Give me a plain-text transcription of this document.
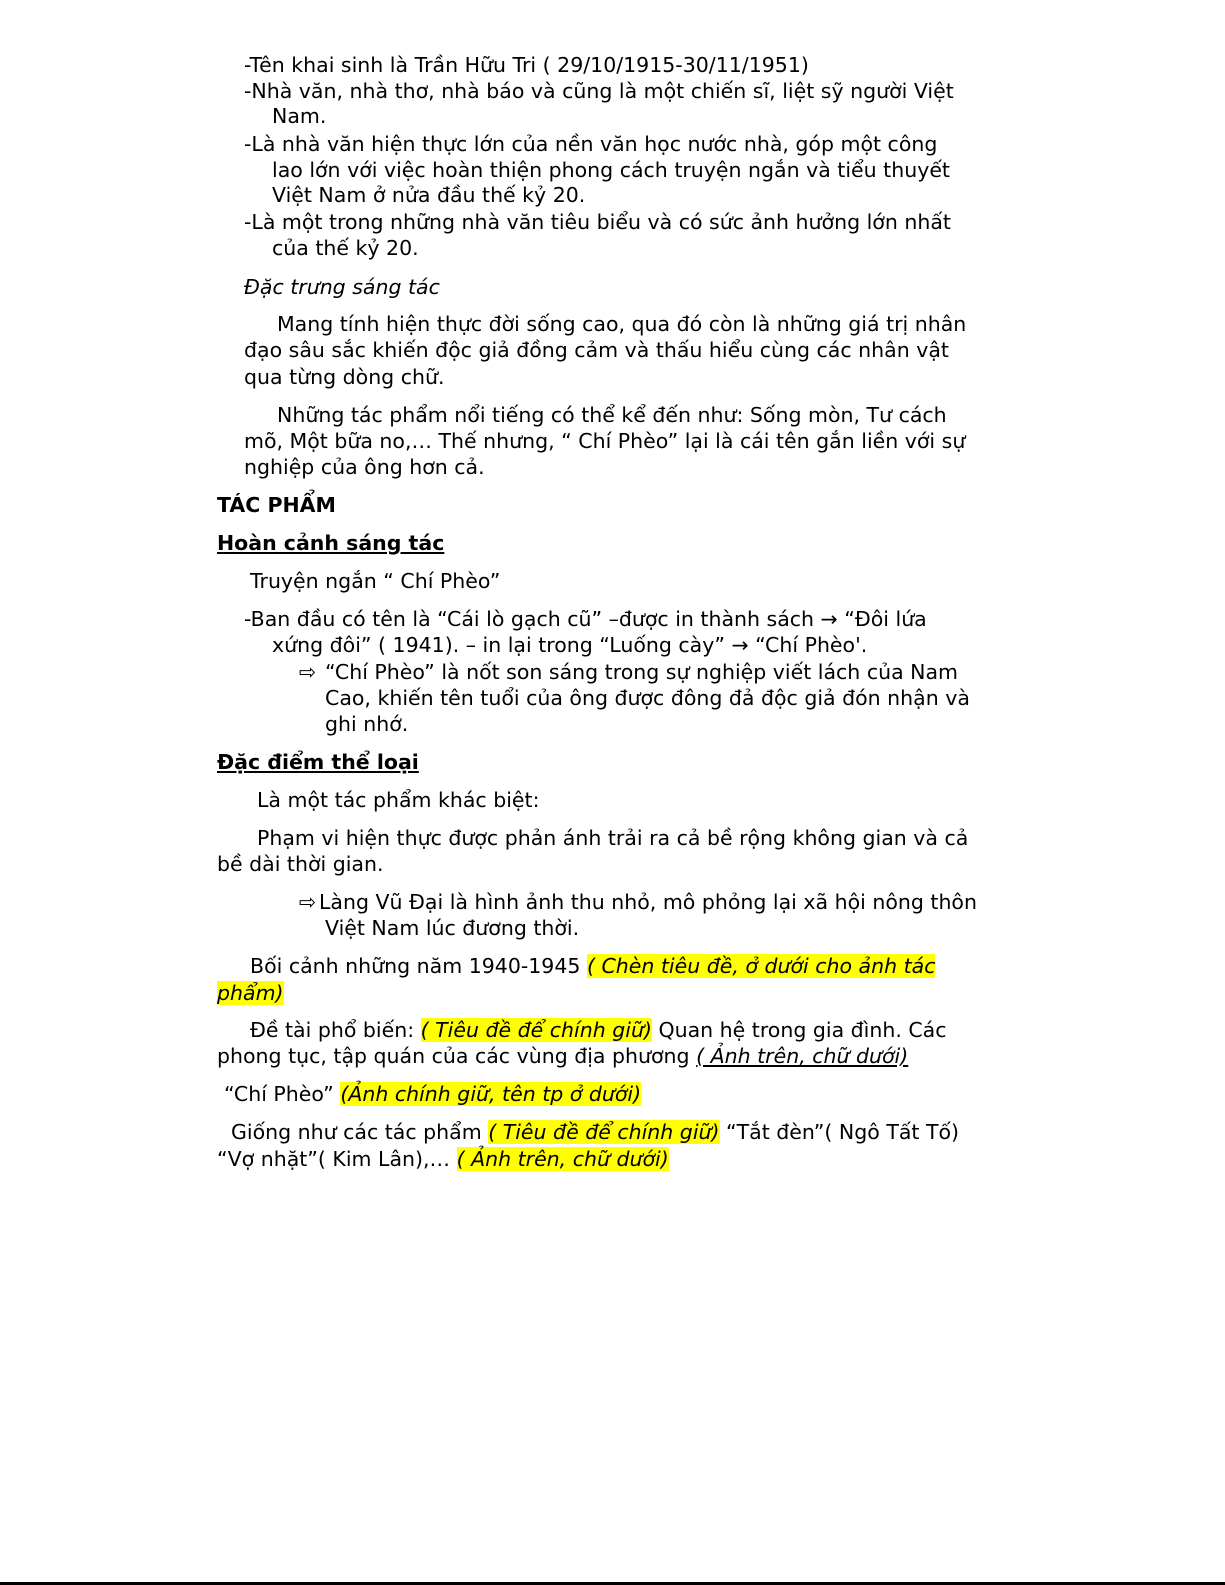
-Tên khai sinh là Trần Hữu Tri ( 29/10/1915-30/11/1951)
-Nhà văn, nhà thơ, nhà báo và cũng là một chiến sĩ, liệt sỹ người Việt
Nam.
-Là nhà văn hiện thực lớn của nền văn học nước nhà, góp một công
lao lớn với việc hoàn thiện phong cách truyện ngắn và tiểu thuyết
Việt Nam ở nửa đầu thế kỷ 20.
-Là một trong những nhà văn tiêu biểu và có sức ảnh hưởng lớn nhất
của thế kỷ 20.
Đặc trưng sáng tác
Mang tính hiện thực đời sống cao, qua đó còn là những giá trị nhân
đạo sâu sắc khiến độc giả đồng cảm và thấu hiểu cùng các nhân vật
qua từng dòng chữ.
Những tác phẩm nổi tiếng có thể kể đến như: Sống mòn, Tư cách
mõ, Một bữa no,… Thế nhưng, “ Chí Phèo” lại là cái tên gắn liền với sự
nghiệp của ông hơn cả.
TÁC PHẨM
Hoàn cảnh sáng tác
Truyện ngắn “ Chí Phèo”
-Ban đầu có tên là “Cái lò gạch cũ” –được in thành sách → “Đôi lứa
xứng đôi” ( 1941). – in lại trong “Luống cày” → “Chí Phèo'.
⇨ “Chí Phèo” là nốt son sáng trong sự nghiệp viết lách của Nam
Cao, khiến tên tuổi của ông được đông đả độc giả đón nhận và
ghi nhớ.
Đặc điểm thể loại
Là một tác phẩm khác biệt:
Phạm vi hiện thực được phản ánh trải ra cả bề rộng không gian và cả
bề dài thời gian.
⇨ Làng Vũ Đại là hình ảnh thu nhỏ, mô phỏng lại xã hội nông thôn
Việt Nam lúc đương thời.
Bối cảnh những năm 1940-1945 ( Chèn tiêu đề, ở dưới cho ảnh tác
phẩm)
Đề tài phổ biến: ( Tiêu đề để chính giữ) Quan hệ trong gia đình. Các
phong tục, tập quán của các vùng địa phương ( Ảnh trên, chữ dưới)
“Chí Phèo” (Ảnh chính giữ, tên tp ở dưới)
Giống như các tác phẩm ( Tiêu đề để chính giữ) “Tắt đèn”( Ngô Tất Tố)
“Vợ nhặt”( Kim Lân),… ( Ảnh trên, chữ dưới)
